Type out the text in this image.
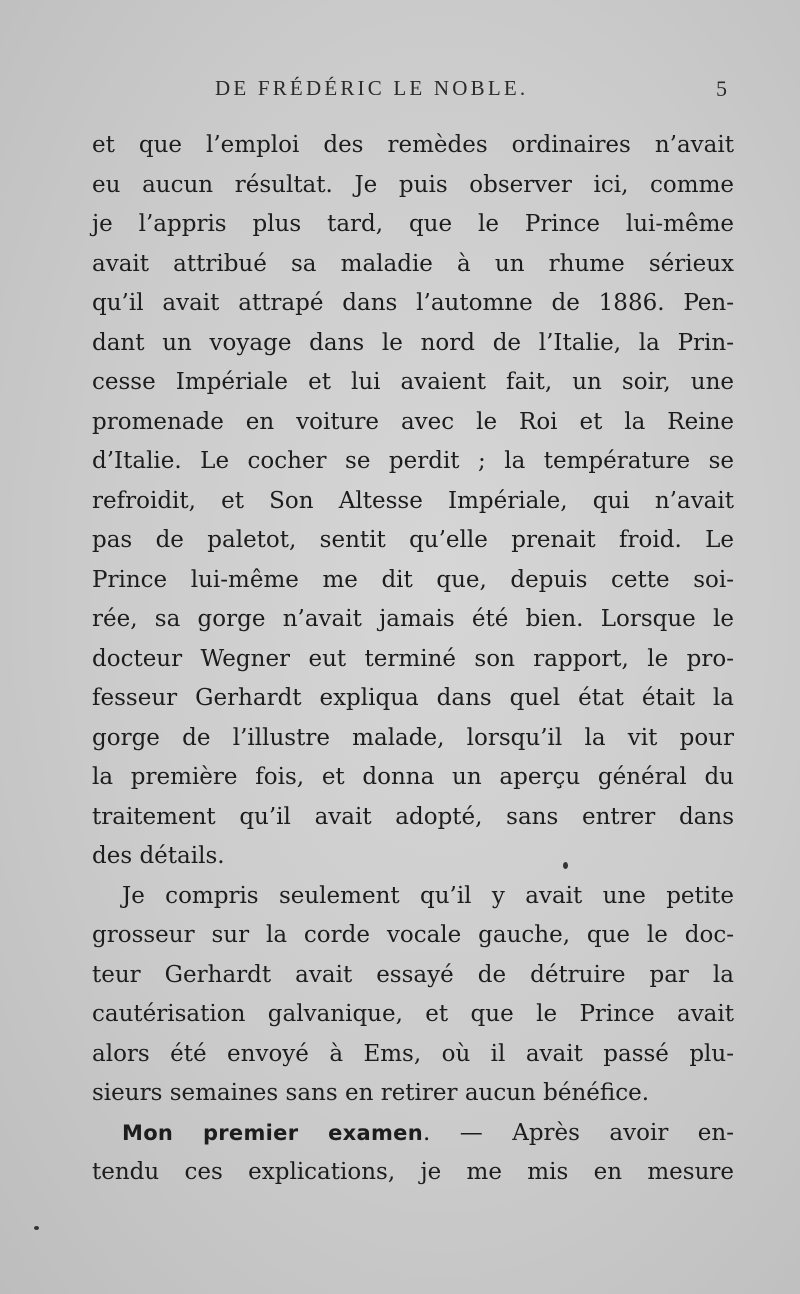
DE FRÉDÉRIC LE NOBLE.	5
et que l’emploi des remèdes ordinaires n’avait
eu aucun résultat. Je puis observer ici, comme
je l’appris plus tard, que le Prince lui-même
avait attribué sa maladie à un rhume sérieux
qu’il avait attrapé dans l’automne de 1886. Pen-
dant un voyage dans le nord de l’Italie, la Prin-
cesse Impériale et lui avaient fait, un soir, une
promenade en voiture avec le Roi et la Reine
d’Italie. Le cocher se perdit ; la température se
refroidit, et Son Altesse Impériale, qui n’avait
pas de paletot, sentit qu’elle prenait froid. Le
Prince lui-même me dit que, depuis cette soi-
rée, sa gorge n’avait jamais été bien. Lorsque le
docteur Wegner eut terminé son rapport, le pro-
fesseur Gerhardt expliqua dans quel état était la
gorge de l’illustre malade, lorsqu’il la vit pour
la première fois, et donna un aperçu général du
traitement qu’il avait adopté, sans entrer dans
des détails.
Je compris seulement qu’il y avait une petite
grosseur sur la corde vocale gauche, que le doc-
teur Gerhardt avait essayé de détruire par la
cautérisation galvanique, et que le Prince avait
alors été envoyé à Ems, où il avait passé plu-
sieurs semaines sans en retirer aucun bénéfice.
Mon premier examen. — Après avoir en-
tendu ces explications, je me mis en mesure
